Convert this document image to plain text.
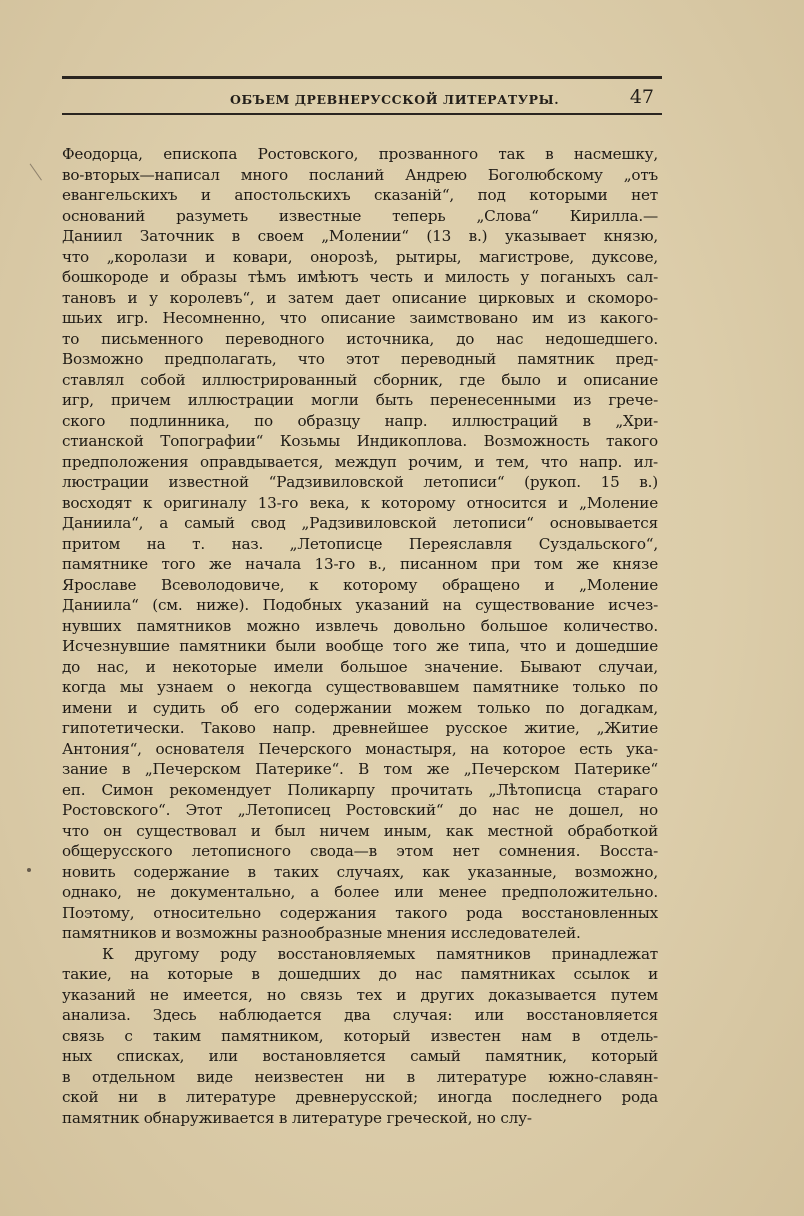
ОБЪЕМ ДРЕВНЕРУССКОЙ ЛИТЕРАТУРЫ.	47
Феодорца, епископа Ростовского, прозванного так в насмешку,
во-вторых—написал много посланий Андрею Боголюбскому „отъ
евангельскихъ и апостольскихъ сказаній“, под которыми нет
оснований разуметь известные теперь „Слова“ Кирилла.—
Даниил Заточник в своем „Молении“ (13 в.) указывает князю,
что „королази и ковари, онорозѣ, рытиры, магистрове, дуксове,
бошкороде и образы тѣмъ имѣютъ честь и милость у поганыхъ сал-
тановъ и у королевъ“, и затем дает описание цирковых и скоморо-
шьих игр. Несомненно, что описание заимствовано им из какого-
то письменного переводного источника, до нас недошедшего.
Возможно предполагать, что этот переводный памятник пред-
ставлял собой иллюстрированный сборник, где было и описание
игр, причем иллюстрации могли быть перенесенными из грече-
ского подлинника, по образцу напр. иллюстраций в „Хри-
стианской Топографии“ Козьмы Индикоплова. Возможность такого
предположения оправдывается, междуп рочим, и тем, что напр. ил-
люстрации известной “Радзивиловской летописи“ (рукоп. 15 в.)
восходят к оригиналу 13-го века, к которому относится и „Моление
Даниила“, а самый свод „Радзивиловской летописи“ основывается
притом на т. наз. „Летописце Переяславля Суздальского“,
памятнике того же начала 13-го в., писанном при том же князе
Ярославе Всеволодовиче, к которому обращено и „Моление
Даниила“ (см. ниже). Подобных указаний на существование исчез-
нувших памятников можно извлечь довольно большое количество.
Исчезнувшие памятники были вообще того же типа, что и дошедшие
до нас, и некоторые имели большое значение. Бывают случаи,
когда мы узнаем о некогда существовавшем памятнике только по
имени и судить об его содержании можем только по догадкам,
гипотетически. Таково напр. древнейшее русское житие, „Житие
Антония“, основателя Печерского монастыря, на которое есть ука-
зание в „Печерском Патерике“. В том же „Печерском Патерике“
еп. Симон рекомендует Поликарпу прочитать „Лѣтописца стараго
Ростовского“. Этот „Летописец Ростовский“ до нас не дошел, но
что он существовал и был ничем иным, как местной обработкой
общерусского летописного свода—в этом нет сомнения. Восста-
новить содержание в таких случаях, как указанные, возможно,
однако, не документально, а более или менее предположительно.
Поэтому, относительно содержания такого рода восстановленных
памятников и возможны разнообразные мнения исследователей.
К другому роду восстановляемых памятников принадлежат
такие, на которые в дошедших до нас памятниках ссылок и
указаний не имеется, но связь тех и других доказывается путем
анализа. Здесь наблюдается два случая: или восстановляется
связь с таким памятником, который известен нам в отдель-
ных списках, или востановляется самый памятник, который
в отдельном виде неизвестен ни в литературе южно-славян-
ской ни в литературе древнерусской; иногда последнего рода
памятник обнаруживается в литературе греческой, но слу-
